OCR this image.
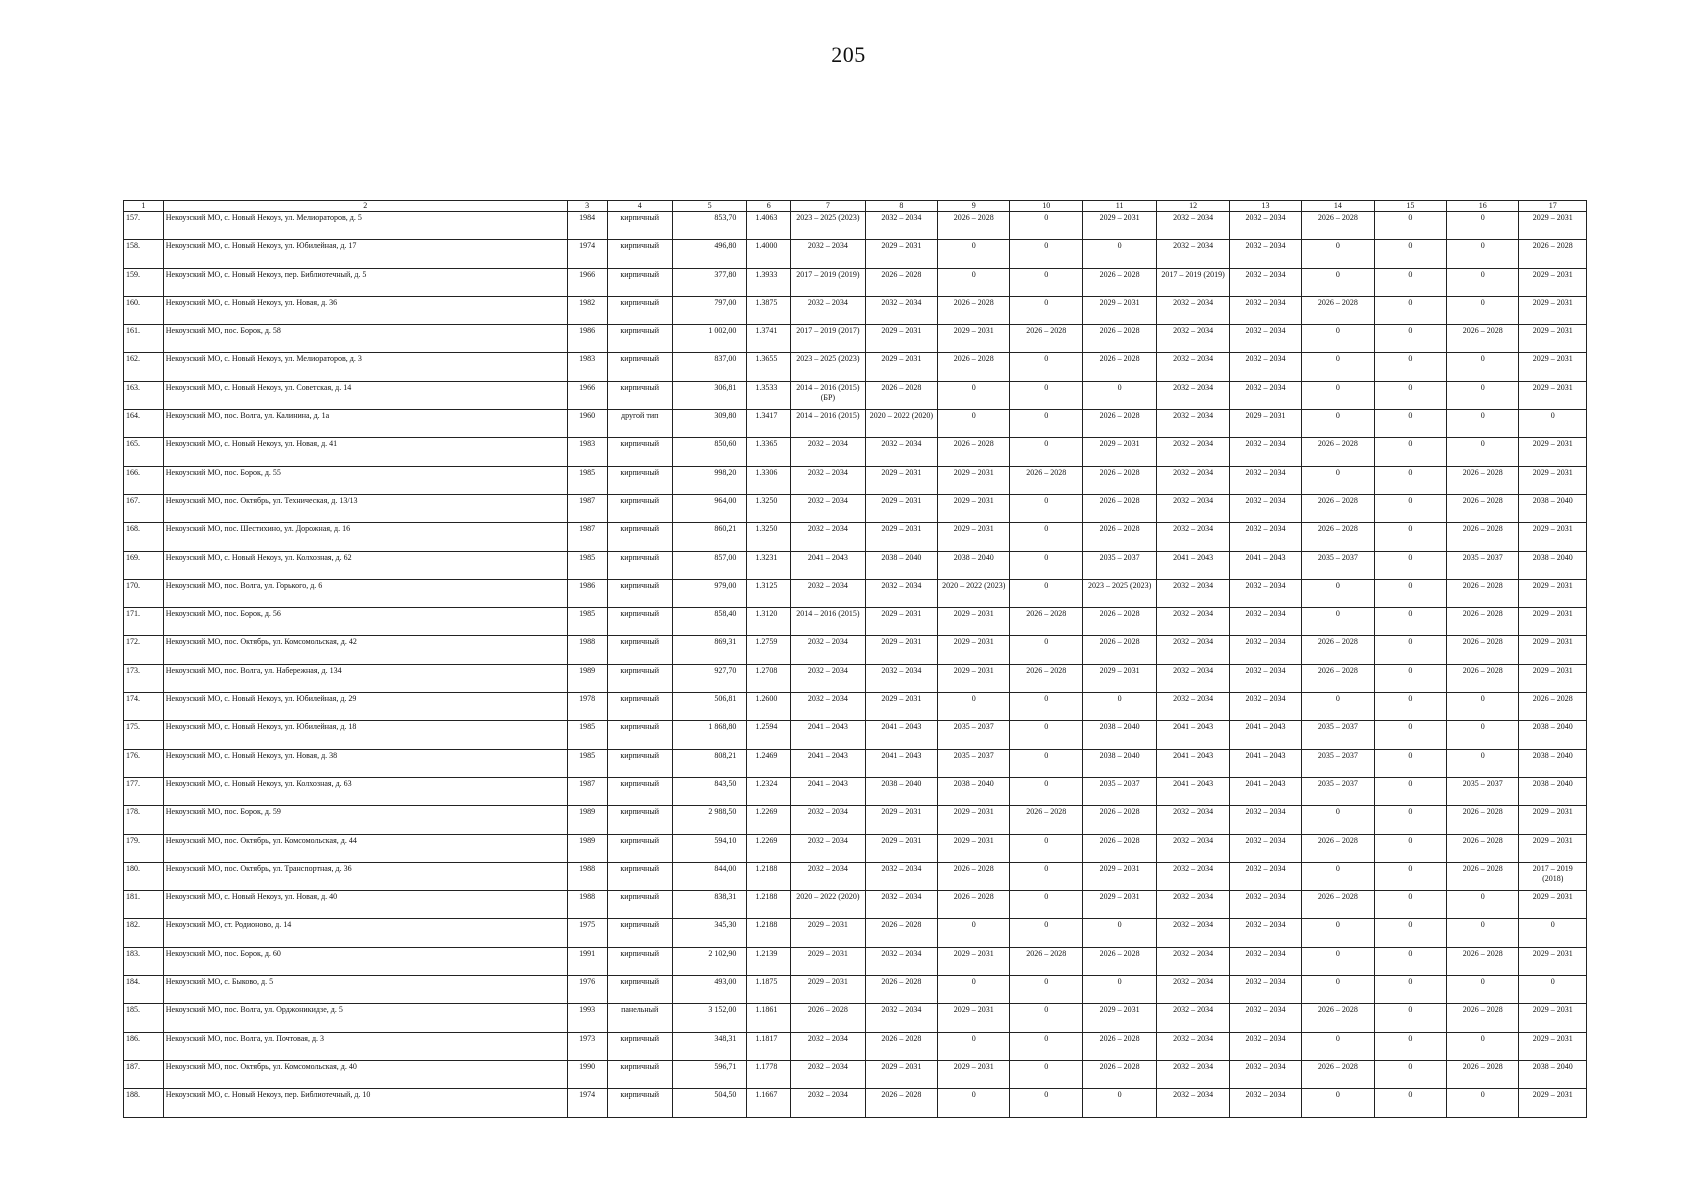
205
1	2	3	4	5	6	7	8	9	10	11	12	13	14	15	16	17
157.	Некоузский МО, с. Новый Некоуз, ул. Мелиораторов, д. 5	1984	кирпичный	853,70	1.4063	2023 – 2025 (2023)	2032 – 2034	2026 – 2028	0	2029 – 2031	2032 – 2034	2032 – 2034	2026 – 2028	0	0	2029 – 2031
158.	Некоузский МО, с. Новый Некоуз, ул. Юбилейная, д. 17	1974	кирпичный	496,80	1.4000	2032 – 2034	2029 – 2031	0	0	0	2032 – 2034	2032 – 2034	0	0	0	2026 – 2028
159.	Некоузский МО, с. Новый Некоуз, пер. Библиотечный, д. 5	1966	кирпичный	377,80	1.3933	2017 – 2019 (2019)	2026 – 2028	0	0	2026 – 2028	2017 – 2019 (2019)	2032 – 2034	0	0	0	2029 – 2031
160.	Некоузский МО, с. Новый Некоуз, ул. Новая, д. 36	1982	кирпичный	797,00	1.3875	2032 – 2034	2032 – 2034	2026 – 2028	0	2029 – 2031	2032 – 2034	2032 – 2034	2026 – 2028	0	0	2029 – 2031
161.	Некоузский МО, пос. Борок, д. 58	1986	кирпичный	1 002,00	1.3741	2017 – 2019 (2017)	2029 – 2031	2029 – 2031	2026 – 2028	2026 – 2028	2032 – 2034	2032 – 2034	0	0	2026 – 2028	2029 – 2031
162.	Некоузский МО, с. Новый Некоуз, ул. Мелиораторов, д. 3	1983	кирпичный	837,00	1.3655	2023 – 2025 (2023)	2029 – 2031	2026 – 2028	0	2026 – 2028	2032 – 2034	2032 – 2034	0	0	0	2029 – 2031
163.	Некоузский МО, с. Новый Некоуз, ул. Советская, д. 14	1966	кирпичный	306,81	1.3533	2014 – 2016 (2015) (БР)	2026 – 2028	0	0	0	2032 – 2034	2032 – 2034	0	0	0	2029 – 2031
164.	Некоузский МО, пос. Волга, ул. Калинина, д. 1а	1960	другой тип	309,80	1.3417	2014 – 2016 (2015)	2020 – 2022 (2020)	0	0	2026 – 2028	2032 – 2034	2029 – 2031	0	0	0	0
165.	Некоузский МО, с. Новый Некоуз, ул. Новая, д. 41	1983	кирпичный	850,60	1.3365	2032 – 2034	2032 – 2034	2026 – 2028	0	2029 – 2031	2032 – 2034	2032 – 2034	2026 – 2028	0	0	2029 – 2031
166.	Некоузский МО, пос. Борок, д. 55	1985	кирпичный	998,20	1.3306	2032 – 2034	2029 – 2031	2029 – 2031	2026 – 2028	2026 – 2028	2032 – 2034	2032 – 2034	0	0	2026 – 2028	2029 – 2031
167.	Некоузский МО, пос. Октябрь, ул. Техническая, д. 13/13	1987	кирпичный	964,00	1.3250	2032 – 2034	2029 – 2031	2029 – 2031	0	2026 – 2028	2032 – 2034	2032 – 2034	2026 – 2028	0	2026 – 2028	2038 – 2040
168.	Некоузский МО, пос. Шестихино, ул. Дорожная, д. 16	1987	кирпичный	860,21	1.3250	2032 – 2034	2029 – 2031	2029 – 2031	0	2026 – 2028	2032 – 2034	2032 – 2034	2026 – 2028	0	2026 – 2028	2029 – 2031
169.	Некоузский МО, с. Новый Некоуз, ул. Колхозная, д. 62	1985	кирпичный	857,00	1.3231	2041 – 2043	2038 – 2040	2038 – 2040	0	2035 – 2037	2041 – 2043	2041 – 2043	2035 – 2037	0	2035 – 2037	2038 – 2040
170.	Некоузский МО, пос. Волга, ул. Горького, д. 6	1986	кирпичный	979,00	1.3125	2032 – 2034	2032 – 2034	2020 – 2022 (2023)	0	2023 – 2025 (2023)	2032 – 2034	2032 – 2034	0	0	2026 – 2028	2029 – 2031
171.	Некоузский МО, пос. Борок, д. 56	1985	кирпичный	858,40	1.3120	2014 – 2016 (2015)	2029 – 2031	2029 – 2031	2026 – 2028	2026 – 2028	2032 – 2034	2032 – 2034	0	0	2026 – 2028	2029 – 2031
172.	Некоузский МО, пос. Октябрь, ул. Комсомольская, д. 42	1988	кирпичный	869,31	1.2759	2032 – 2034	2029 – 2031	2029 – 2031	0	2026 – 2028	2032 – 2034	2032 – 2034	2026 – 2028	0	2026 – 2028	2029 – 2031
173.	Некоузский МО, пос. Волга, ул. Набережная, д. 134	1989	кирпичный	927,70	1.2708	2032 – 2034	2032 – 2034	2029 – 2031	2026 – 2028	2029 – 2031	2032 – 2034	2032 – 2034	2026 – 2028	0	2026 – 2028	2029 – 2031
174.	Некоузский МО, с. Новый Некоуз, ул. Юбилейная, д. 29	1978	кирпичный	506,81	1.2600	2032 – 2034	2029 – 2031	0	0	0	2032 – 2034	2032 – 2034	0	0	0	2026 – 2028
175.	Некоузский МО, с. Новый Некоуз, ул. Юбилейная, д. 18	1985	кирпичный	1 868,80	1.2594	2041 – 2043	2041 – 2043	2035 – 2037	0	2038 – 2040	2041 – 2043	2041 – 2043	2035 – 2037	0	0	2038 – 2040
176.	Некоузский МО, с. Новый Некоуз, ул. Новая, д. 38	1985	кирпичный	808,21	1.2469	2041 – 2043	2041 – 2043	2035 – 2037	0	2038 – 2040	2041 – 2043	2041 – 2043	2035 – 2037	0	0	2038 – 2040
177.	Некоузский МО, с. Новый Некоуз, ул. Колхозная, д. 63	1987	кирпичный	843,50	1.2324	2041 – 2043	2038 – 2040	2038 – 2040	0	2035 – 2037	2041 – 2043	2041 – 2043	2035 – 2037	0	2035 – 2037	2038 – 2040
178.	Некоузский МО, пос. Борок, д. 59	1989	кирпичный	2 988,50	1.2269	2032 – 2034	2029 – 2031	2029 – 2031	2026 – 2028	2026 – 2028	2032 – 2034	2032 – 2034	0	0	2026 – 2028	2029 – 2031
179.	Некоузский МО, пос. Октябрь, ул. Комсомольская, д. 44	1989	кирпичный	594,10	1.2269	2032 – 2034	2029 – 2031	2029 – 2031	0	2026 – 2028	2032 – 2034	2032 – 2034	2026 – 2028	0	2026 – 2028	2029 – 2031
180.	Некоузский МО, пос. Октябрь, ул. Транспортная, д. 36	1988	кирпичный	844,00	1.2188	2032 – 2034	2032 – 2034	2026 – 2028	0	2029 – 2031	2032 – 2034	2032 – 2034	0	0	2026 – 2028	2017 – 2019 (2018)
181.	Некоузский МО, с. Новый Некоуз, ул. Новая, д. 40	1988	кирпичный	838,31	1.2188	2020 – 2022 (2020)	2032 – 2034	2026 – 2028	0	2029 – 2031	2032 – 2034	2032 – 2034	2026 – 2028	0	0	2029 – 2031
182.	Некоузский МО, ст. Родионово, д. 14	1975	кирпичный	345,30	1.2188	2029 – 2031	2026 – 2028	0	0	0	2032 – 2034	2032 – 2034	0	0	0	0
183.	Некоузский МО, пос. Борок, д. 60	1991	кирпичный	2 102,90	1.2139	2029 – 2031	2032 – 2034	2029 – 2031	2026 – 2028	2026 – 2028	2032 – 2034	2032 – 2034	0	0	2026 – 2028	2029 – 2031
184.	Некоузский МО, с. Быково, д. 5	1976	кирпичный	493,00	1.1875	2029 – 2031	2026 – 2028	0	0	0	2032 – 2034	2032 – 2034	0	0	0	0
185.	Некоузский МО, пос. Волга, ул. Орджоникидзе, д. 5	1993	панельный	3 152,00	1.1861	2026 – 2028	2032 – 2034	2029 – 2031	0	2029 – 2031	2032 – 2034	2032 – 2034	2026 – 2028	0	2026 – 2028	2029 – 2031
186.	Некоузский МО, пос. Волга, ул. Почтовая, д. 3	1973	кирпичный	348,31	1.1817	2032 – 2034	2026 – 2028	0	0	2026 – 2028	2032 – 2034	2032 – 2034	0	0	0	2029 – 2031
187.	Некоузский МО, пос. Октябрь, ул. Комсомольская, д. 40	1990	кирпичный	596,71	1.1778	2032 – 2034	2029 – 2031	2029 – 2031	0	2026 – 2028	2032 – 2034	2032 – 2034	2026 – 2028	0	2026 – 2028	2038 – 2040
188.	Некоузский МО, с. Новый Некоуз, пер. Библиотечный, д. 10	1974	кирпичный	504,50	1.1667	2032 – 2034	2026 – 2028	0	0	0	2032 – 2034	2032 – 2034	0	0	0	2029 – 2031
